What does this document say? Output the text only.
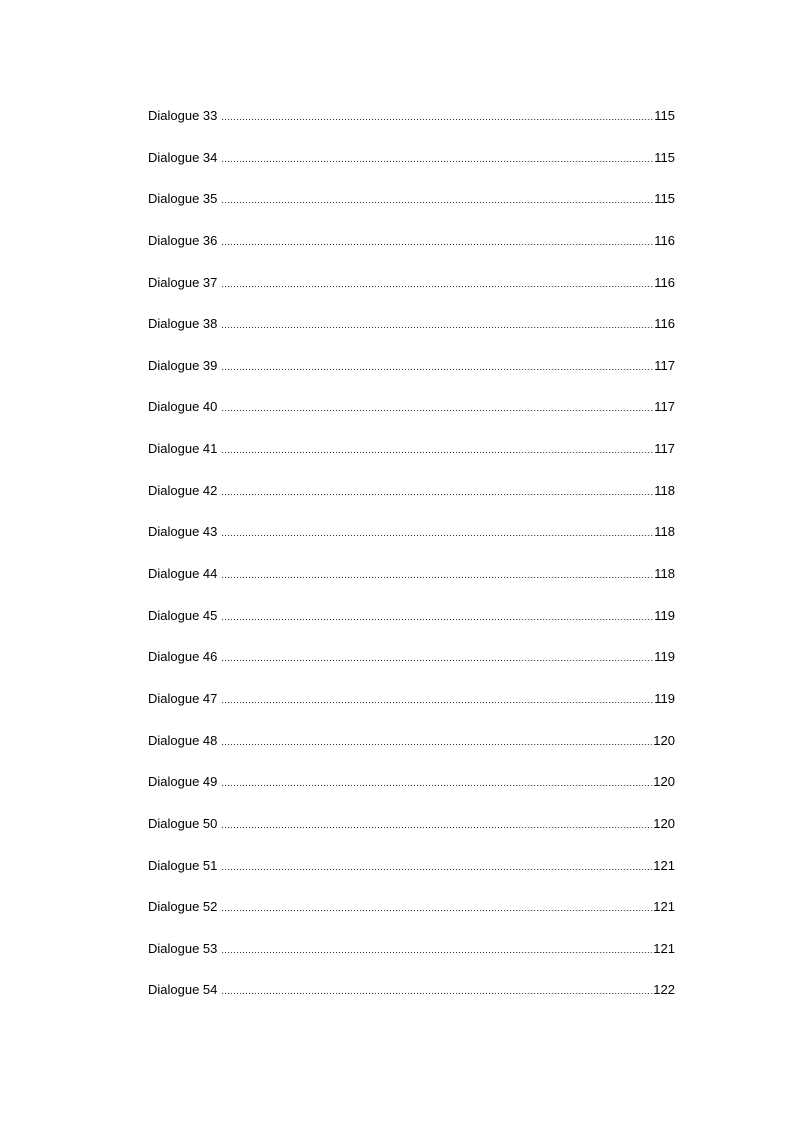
Dialogue 33 .....	115
Dialogue 34 .....	115
Dialogue 35 .....	115
Dialogue 36 .....	116
Dialogue 37 .....	116
Dialogue 38 .....	116
Dialogue 39 .....	117
Dialogue 40 .....	117
Dialogue 41 .....	117
Dialogue 42 .....	118
Dialogue 43 .....	118
Dialogue 44 .....	118
Dialogue 45 .....	119
Dialogue 46 .....	119
Dialogue 47 .....	119
Dialogue 48 .....	120
Dialogue 49 .....	120
Dialogue 50 .....	120
Dialogue 51 .....	121
Dialogue 52 .....	121
Dialogue 53 .....	121
Dialogue 54 .....	122
